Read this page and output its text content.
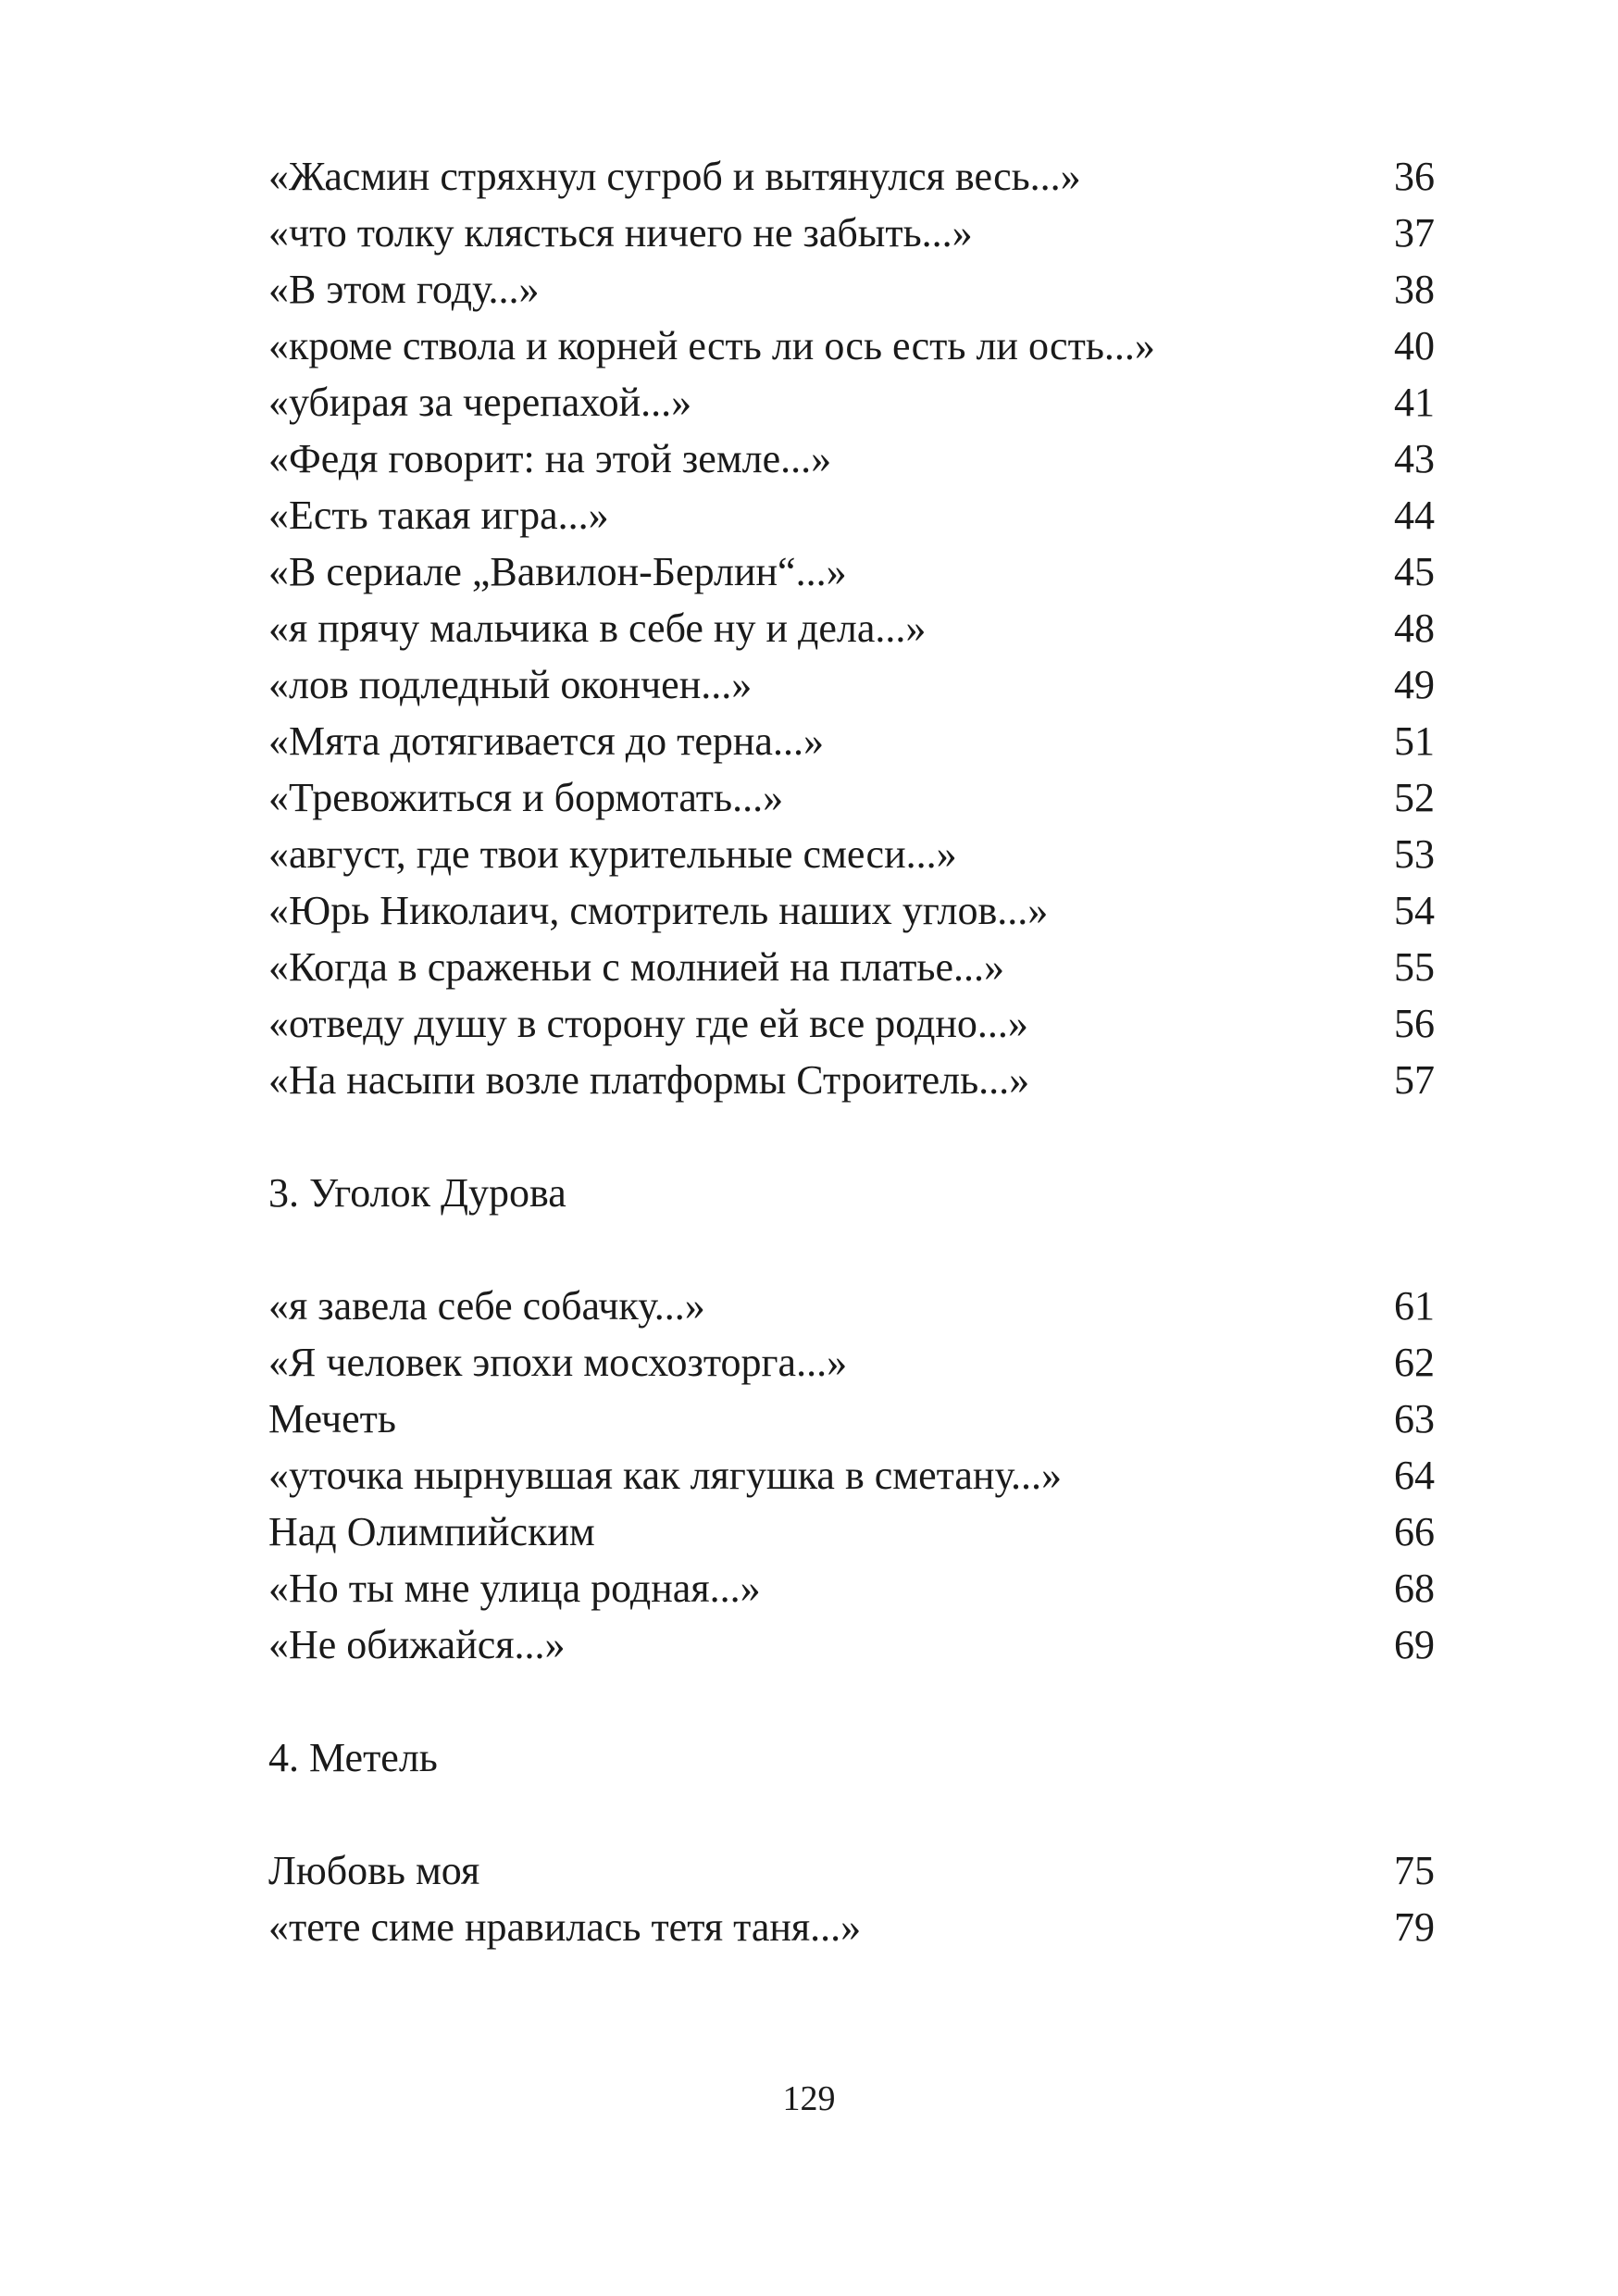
«Жасмин стряхнул сугроб и вытянулся весь...»	36
«что толку клясться ничего не забыть...»	37
«В этом году...»	38
«кроме ствола и корней есть ли ось есть ли ость...»	40
«убирая за черепахой...»	41
«Федя говорит: на этой земле...»	43
«Есть такая игра...»	44
«В сериале „Вавилон-Берлин“...»	45
«я прячу мальчика в себе ну и дела...»	48
«лов подледный окончен...»	49
«Мята дотягивается до терна...»	51
«Тревожиться и бормотать...»	52
«август, где твои курительные смеси...»	53
«Юрь Николаич, смотритель наших углов...»	54
«Когда в сраженьи с молнией на платье...»	55
«отведу душу в сторону где ей все родно...»	56
«На насыпи возле платформы Строитель...»	57
3. Уголок Дурова
«я завела себе собачку...»	61
«Я человек эпохи мосхозторга...»	62
Мечеть	63
«уточка нырнувшая как лягушка в сметану...»	64
Над Олимпийским	66
«Но ты мне улица родная...»	68
«Не обижайся...»	69
4. Метель
Любовь моя	75
«тете симе нравилась тетя таня...»	79
129
